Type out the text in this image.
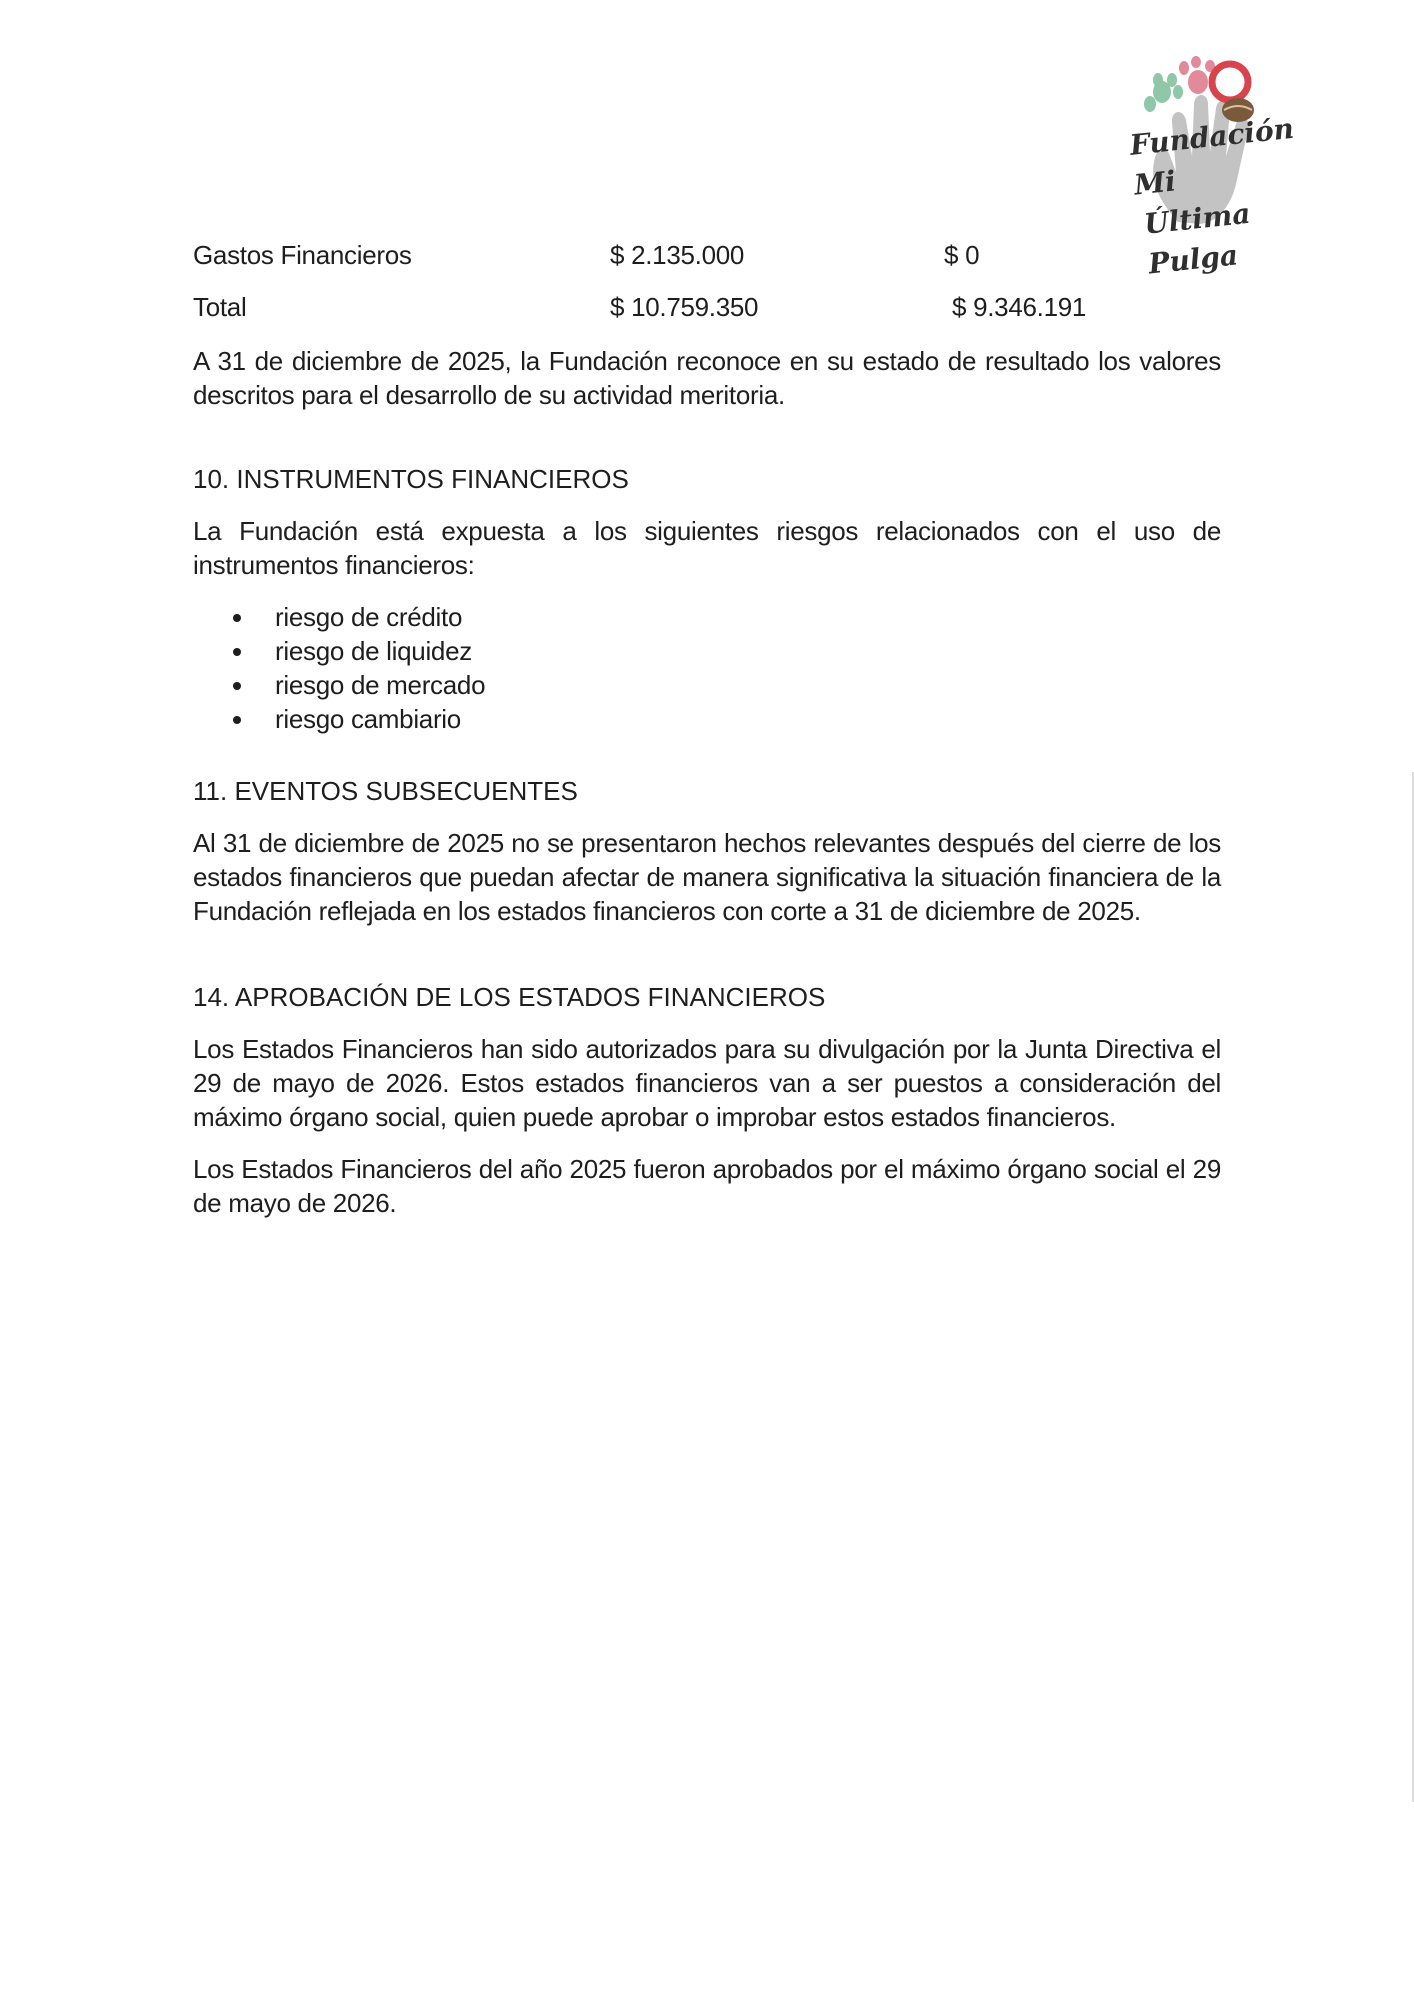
Fundación Mi
Última Pulga
Gastos Financieros	$ 2.135.000	$ 0
Total	$ 10.759.350	$ 9.346.191

A 31 de diciembre de 2025, la Fundación reconoce en su estado de resultado los valores descritos para el desarrollo de su actividad meritoria.

10. INSTRUMENTOS FINANCIEROS

La Fundación está expuesta a los siguientes riesgos relacionados con el uso de instrumentos financieros:

riesgo de crédito
riesgo de liquidez
riesgo de mercado
riesgo cambiario
11. EVENTOS SUBSECUENTES

Al 31 de diciembre de 2025 no se presentaron hechos relevantes después del cierre de los estados financieros que puedan afectar de manera significativa la situación financiera de la Fundación reflejada en los estados financieros con corte a 31 de diciembre de 2025.

14. APROBACIÓN DE LOS ESTADOS FINANCIEROS

Los Estados Financieros han sido autorizados para su divulgación por la Junta Directiva el 29 de mayo de 2026. Estos estados financieros van a ser puestos a consideración del máximo órgano social, quien puede aprobar o improbar estos estados financieros.

Los Estados Financieros del año 2025 fueron aprobados por el máximo órgano social el 29 de mayo de 2026.
